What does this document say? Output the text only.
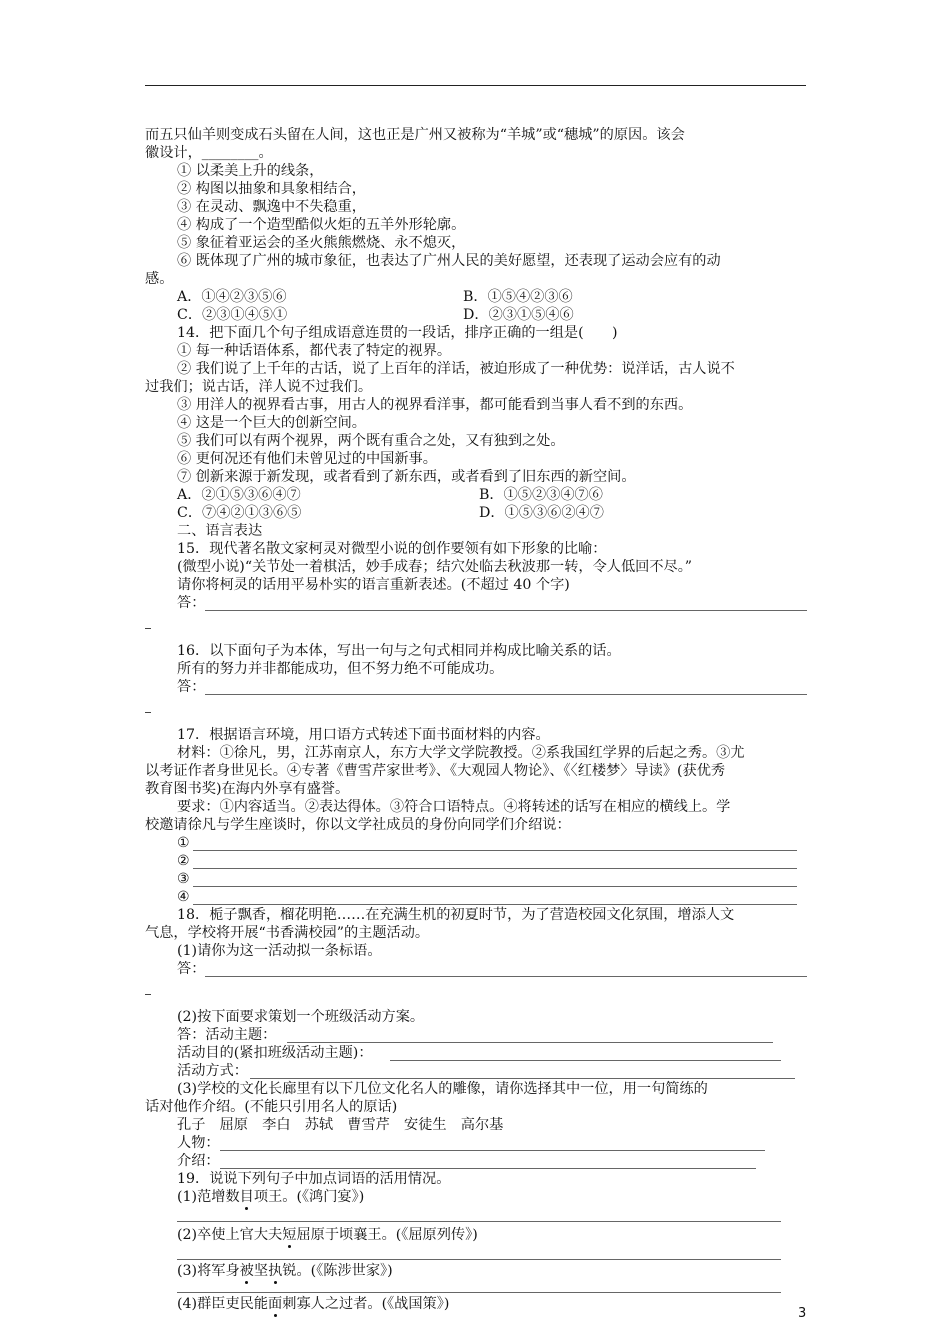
而五只仙羊则变成石头留在人间，这也正是广州又被称为“羊城”或“穗城”的原因。该会
徽设计，________。
① 以柔美上升的线条，
② 构图以抽象和具象相结合，
③ 在灵动、飘逸中不失稳重，
④ 构成了一个造型酷似火炬的五羊外形轮廓。
⑤ 象征着亚运会的圣火熊熊燃烧、永不熄灭，
⑥ 既体现了广州的城市象征，也表达了广州人民的美好愿望，还表现了运动会应有的动
感。
A．①④②③⑤⑥	B．①⑤④②③⑥
C．②③①④⑤①	D．②③①⑤④⑥
14．把下面几个句子组成语意连贯的一段话，排序正确的一组是(　　)
① 每一种话语体系，都代表了特定的视界。
② 我们说了上千年的古话，说了上百年的洋话，被迫形成了一种优势：说洋话，古人说不
过我们；说古话，洋人说不过我们。
③ 用洋人的视界看古事，用古人的视界看洋事，都可能看到当事人看不到的东西。
④ 这是一个巨大的创新空间。
⑤ 我们可以有两个视界，两个既有重合之处，又有独到之处。
⑥ 更何况还有他们未曾见过的中国新事。
⑦ 创新来源于新发现，或者看到了新东西，或者看到了旧东西的新空间。
A．②①⑤③⑥④⑦	B．①⑤②③④⑦⑥
C．⑦④②①③⑥⑤	D．①⑤③⑥②④⑦
二、语言表达
15．现代著名散文家柯灵对微型小说的创作要领有如下形象的比喻：
(微型小说)“关节处一着棋活，妙手成春；结穴处临去秋波那一转，令人低回不尽。”
请你将柯灵的话用平易朴实的语言重新表述。(不超过 40 个字)
答：
16．以下面句子为本体，写出一句与之句式相同并构成比喻关系的话。
所有的努力并非都能成功，但不努力绝不可能成功。
答：
17．根据语言环境，用口语方式转述下面书面材料的内容。
材料：①徐凡，男，江苏南京人，东方大学文学院教授。②系我国红学界的后起之秀。③尤
以考证作者身世见长。④专著《曹雪芹家世考》、《大观园人物论》、《〈红楼梦〉导读》(获优秀
教育图书奖)在海内外享有盛誉。
要求：①内容适当。②表达得体。③符合口语特点。④将转述的话写在相应的横线上。学
校邀请徐凡与学生座谈时，你以文学社成员的身份向同学们介绍说：
①
②
③
④
18．栀子飘香，榴花明艳……在充满生机的初夏时节，为了营造校园文化氛围，增添人文
气息，学校将开展“书香满校园”的主题活动。
(1)请你为这一活动拟一条标语。
答：
(2)按下面要求策划一个班级活动方案。
答：活动主题：
活动目的(紧扣班级活动主题)：
活动方式：
(3)学校的文化长廊里有以下几位文化名人的雕像，请你选择其中一位，用一句简练的
话对他作介绍。(不能只引用名人的原话)
孔子　屈原　李白　苏轼　曹雪芹　安徒生　高尔基
人物：
介绍：
19．说说下列句子中加点词语的活用情况。
(1)范增数目项王。(《鸿门宴》)
(2)卒使上官大夫短屈原于顷襄王。(《屈原列传》)
(3)将军身被坚执锐。(《陈涉世家》)
(4)群臣吏民能面刺寡人之过者。(《战国策》)
3
